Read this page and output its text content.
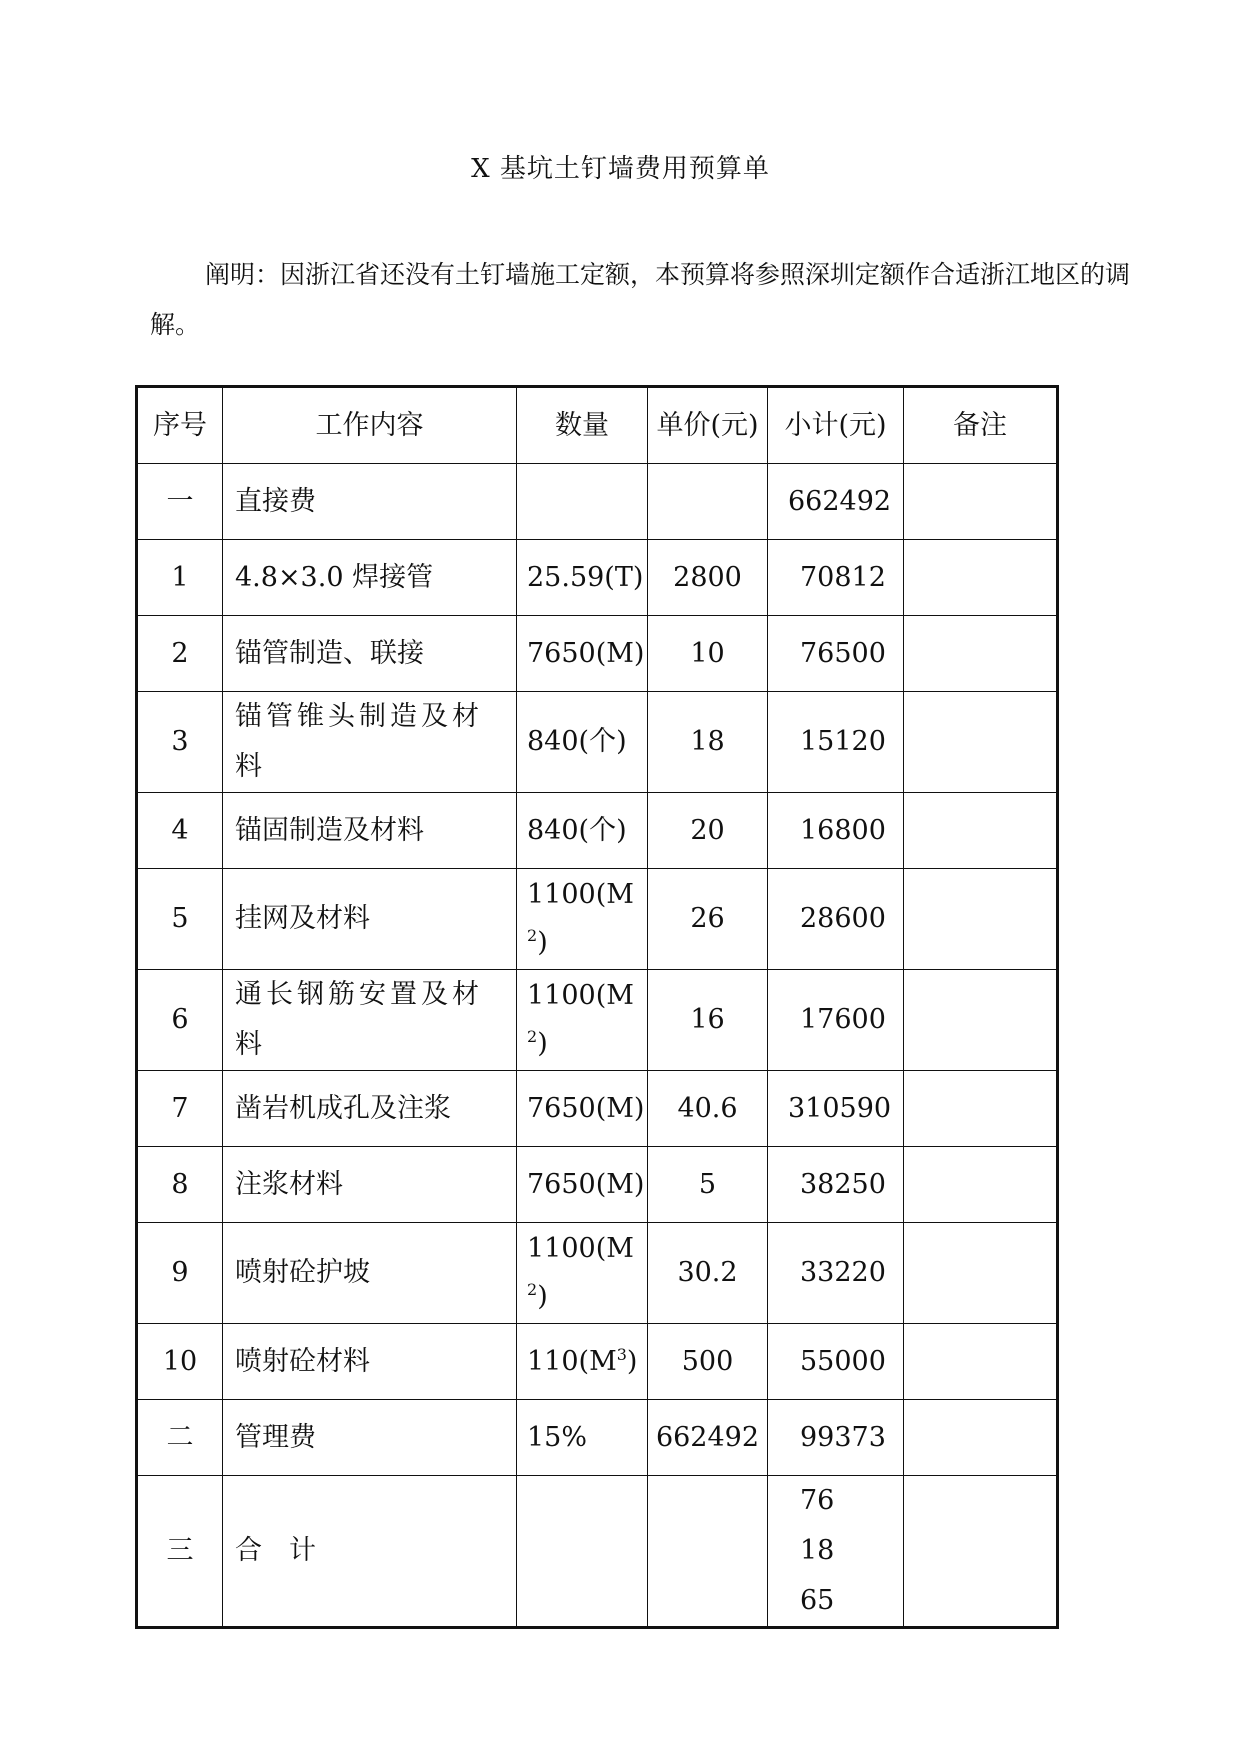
X 基坑土钉墙费用预算单
阐明：因浙江省还没有土钉墙施工定额，本预算将参照深圳定额作合适浙江地区的调解。
序号	工作内容	数量	单价(元)	小计(元)	备注
一	直接费			662492	
1	4.8×3.0 焊接管	25.59(T)	2800	70812	
2	锚管制造、联接	7650(M)	10	76500	
3	锚管锥头制造及材料	840(个)	18	15120	
4	锚固制造及材料	840(个)	20	16800	
5	挂网及材料	$1100(M^2)$	26	28600	
6	通长钢筋安置及材料	$1100(M^2)$	16	17600	
7	凿岩机成孔及注浆	7650(M)	40.6	310590	
8	注浆材料	7650(M)	5	38250	
9	喷射砼护坡	$1100(M^2)$	30.2	33220	
10	喷射砼材料	$110(M^3)$	500	55000	
二	管理费	15%	662492	99373	
三	合　计			761865	
